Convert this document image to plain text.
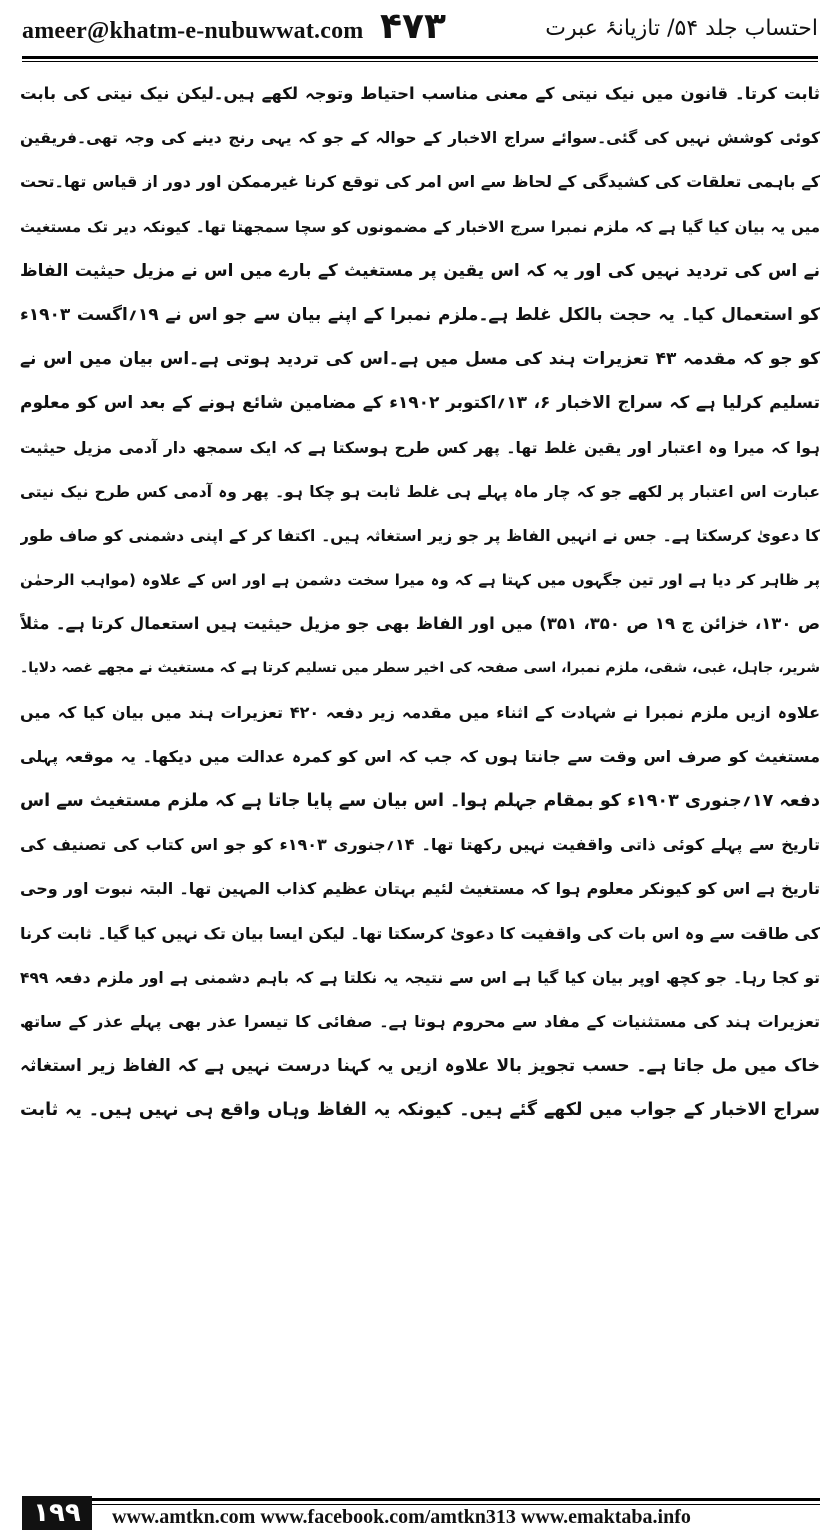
ameer@khatm-e-nubuwwat.com ۴۷۳	احتساب جلد ۵۴/ تازیانۂ عبرت
ثابت کرتا۔ قانون میں نیک نیتی کے معنی مناسب احتیاط وتوجہ لکھے ہیں۔لیکن نیک نیتی کی بابت
کوئی کوشش نہیں کی گئی۔سوائے سراج الاخبار کے حوالہ کے جو کہ یہی رنج دینے کی وجہ تھی۔فریقین
کے باہمی تعلقات کی کشیدگی کے لحاظ سے اس امر کی توقع کرنا غیرممکن اور دور از قیاس تھا۔تحت
میں یہ بیان کیا گیا ہے کہ ملزم نمبرا سرج الاخبار کے مضمونوں کو سچا سمجھتا تھا۔ کیونکہ دیر تک مستغیث
نے اس کی تردید نہیں کی اور یہ کہ اس یقین پر مستغیث کے بارے میں اس نے مزیل حیثیت الفاظ
کو استعمال کیا۔ یہ حجت بالکل غلط ہے۔ملزم نمبرا کے اپنے بیان سے جو اس نے ۱۹؍اگست ۱۹۰۳ء
کو جو کہ مقدمہ ۴۳ تعزیرات ہند کی مسل میں ہے۔اس کی تردید ہوتی ہے۔اس بیان میں اس نے
تسلیم کرلیا ہے کہ سراج الاخبار ۶، ۱۳؍اکتوبر ۱۹۰۲ء کے مضامین شائع ہونے کے بعد اس کو معلوم
ہوا کہ میرا وہ اعتبار اور یقین غلط تھا۔ پھر کس طرح ہوسکتا ہے کہ ایک سمجھ دار آدمی مزیل حیثیت
عبارت اس اعتبار پر لکھے جو کہ چار ماہ پہلے ہی غلط ثابت ہو چکا ہو۔ پھر وہ آدمی کس طرح نیک نیتی
کا دعویٰ کرسکتا ہے۔ جس نے انہیں الفاظ پر جو زیر استغاثہ ہیں۔ اکتفا کر کے اپنی دشمنی کو صاف طور
پر ظاہر کر دیا ہے اور تین جگہوں میں کہتا ہے کہ وہ میرا سخت دشمن ہے اور اس کے علاوہ (مواہب الرحمٰن
ص ۱۳۰، خزائن ج ۱۹ ص ۳۵۰، ۳۵۱) میں اور الفاظ بھی جو مزیل حیثیت ہیں استعمال کرتا ہے۔ مثلاً
شریر، جاہل، غبی، شقی، ملزم نمبرا، اسی صفحہ کی اخیر سطر میں تسلیم کرتا ہے کہ مستغیث نے مجھے غصہ دلایا۔
علاوہ ازیں ملزم نمبرا نے شہادت کے اثناء میں مقدمہ زیر دفعہ ۴۲۰ تعزیرات ہند میں بیان کیا کہ میں
مستغیث کو صرف اس وقت سے جانتا ہوں کہ جب کہ اس کو کمرہ عدالت میں دیکھا۔ یہ موقعہ پہلی
دفعہ ۱۷؍جنوری ۱۹۰۳ء کو بمقام جہلم ہوا۔ اس بیان سے پایا جاتا ہے کہ ملزم مستغیث سے اس
تاریخ سے پہلے کوئی ذاتی واقفیت نہیں رکھتا تھا۔ ۱۴؍جنوری ۱۹۰۳ء کو جو اس کتاب کی تصنیف کی
تاریخ ہے اس کو کیونکر معلوم ہوا کہ مستغیث لئیم بہتان عظیم کذاب المہین تھا۔ البتہ نبوت اور وحی
کی طاقت سے وہ اس بات کی واقفیت کا دعویٰ کرسکتا تھا۔ لیکن ایسا بیان تک نہیں کیا گیا۔ ثابت کرنا
تو کجا رہا۔ جو کچھ اوپر بیان کیا گیا ہے اس سے نتیجہ یہ نکلتا ہے کہ باہم دشمنی ہے اور ملزم دفعہ ۴۹۹
تعزیرات ہند کی مستثنیات کے مفاد سے محروم ہوتا ہے۔ صفائی کا تیسرا عذر بھی پہلے عذر کے ساتھ
خاک میں مل جاتا ہے۔ حسب تجویز بالا علاوہ ازیں یہ کہنا درست نہیں ہے کہ الفاظ زیر استغاثہ
سراج الاخبار کے جواب میں لکھے گئے ہیں۔ کیونکہ یہ الفاظ وہاں واقع ہی نہیں ہیں۔ یہ ثابت
۱۹۹	www.amtkn.com www.facebook.com/amtkn313 www.emaktaba.info
